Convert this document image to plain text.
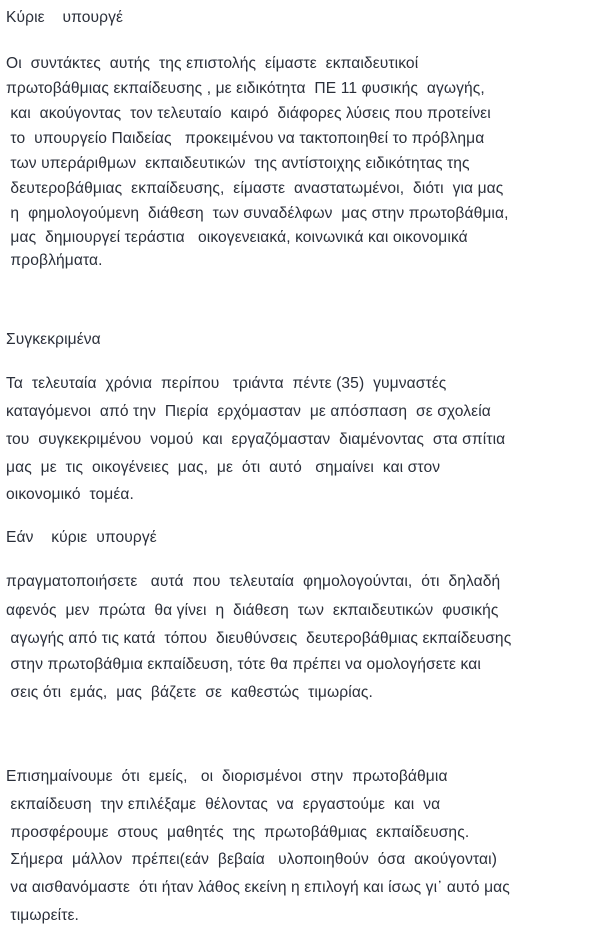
Κύριε    υπουργέ
Οι  συντάκτες  αυτής  της επιστολής  είμαστε  εκπαιδευτικοί
πρωτοβάθμιας εκπαίδευσης , με ειδικότητα  ΠΕ 11 φυσικής  αγωγής,
και  ακούγοντας  τον τελευταίο  καιρό  διάφορες λύσεις που προτείνει
το  υπουργείο Παιδείας   προκειμένου να τακτοποιηθεί το πρόβλημα
των υπεράριθμων  εκπαιδευτικών  της αντίστοιχης ειδικότητας της
δευτεροβάθμιας  εκπαίδευσης,  είμαστε  αναστατωμένοι,  διότι  για μας
η  φημολογούμενη  διάθεση  των συναδέλφων  μας στην πρωτοβάθμια,
μας  δημιουργεί τεράστια   οικογενειακά, κοινωνικά και οικονομικά
προβλήματα.
Συγκεκριμένα
Τα  τελευταία  χρόνια  περίπου   τριάντα  πέντε (35)  γυμναστές
καταγόμενοι  από την  Πιερία  ερχόμασταν  με απόσπαση  σε σχολεία
του  συγκεκριμένου  νομού  και  εργαζόμασταν  διαμένοντας  στα σπίτια
μας  με  τις  οικογένειες  μας,  με  ότι  αυτό   σημαίνει  και στον
οικονομικό  τομέα.
Εάν    κύριε  υπουργέ
πραγματοποιήσετε   αυτά  που  τελευταία  φημολογούνται,  ότι  δηλαδή
αφενός  μεν  πρώτα  θα γίνει  η  διάθεση  των  εκπαιδευτικών  φυσικής
αγωγής από τις κατά  τόπου  διευθύνσεις  δευτεροβάθμιας εκπαίδευσης
στην πρωτοβάθμια εκπαίδευση, τότε θα πρέπει να ομολογήσετε και
σεις ότι  εμάς,  μας  βάζετε  σε  καθεστώς  τιμωρίας.
Επισημαίνουμε  ότι  εμείς,   οι  διορισμένοι  στην  πρωτοβάθμια
εκπαίδευση  την επιλέξαμε  θέλοντας  να  εργαστούμε  και  να
προσφέρουμε  στους  μαθητές  της  πρωτοβάθμιας  εκπαίδευσης.
Σήμερα  μάλλον  πρέπει(εάν  βεβαία   υλοποιηθούν  όσα  ακούγονται)
να αισθανόμαστε  ότι ήταν λάθος εκείνη η επιλογή και ίσως γι᾽ αυτό μας
τιμωρείτε.
